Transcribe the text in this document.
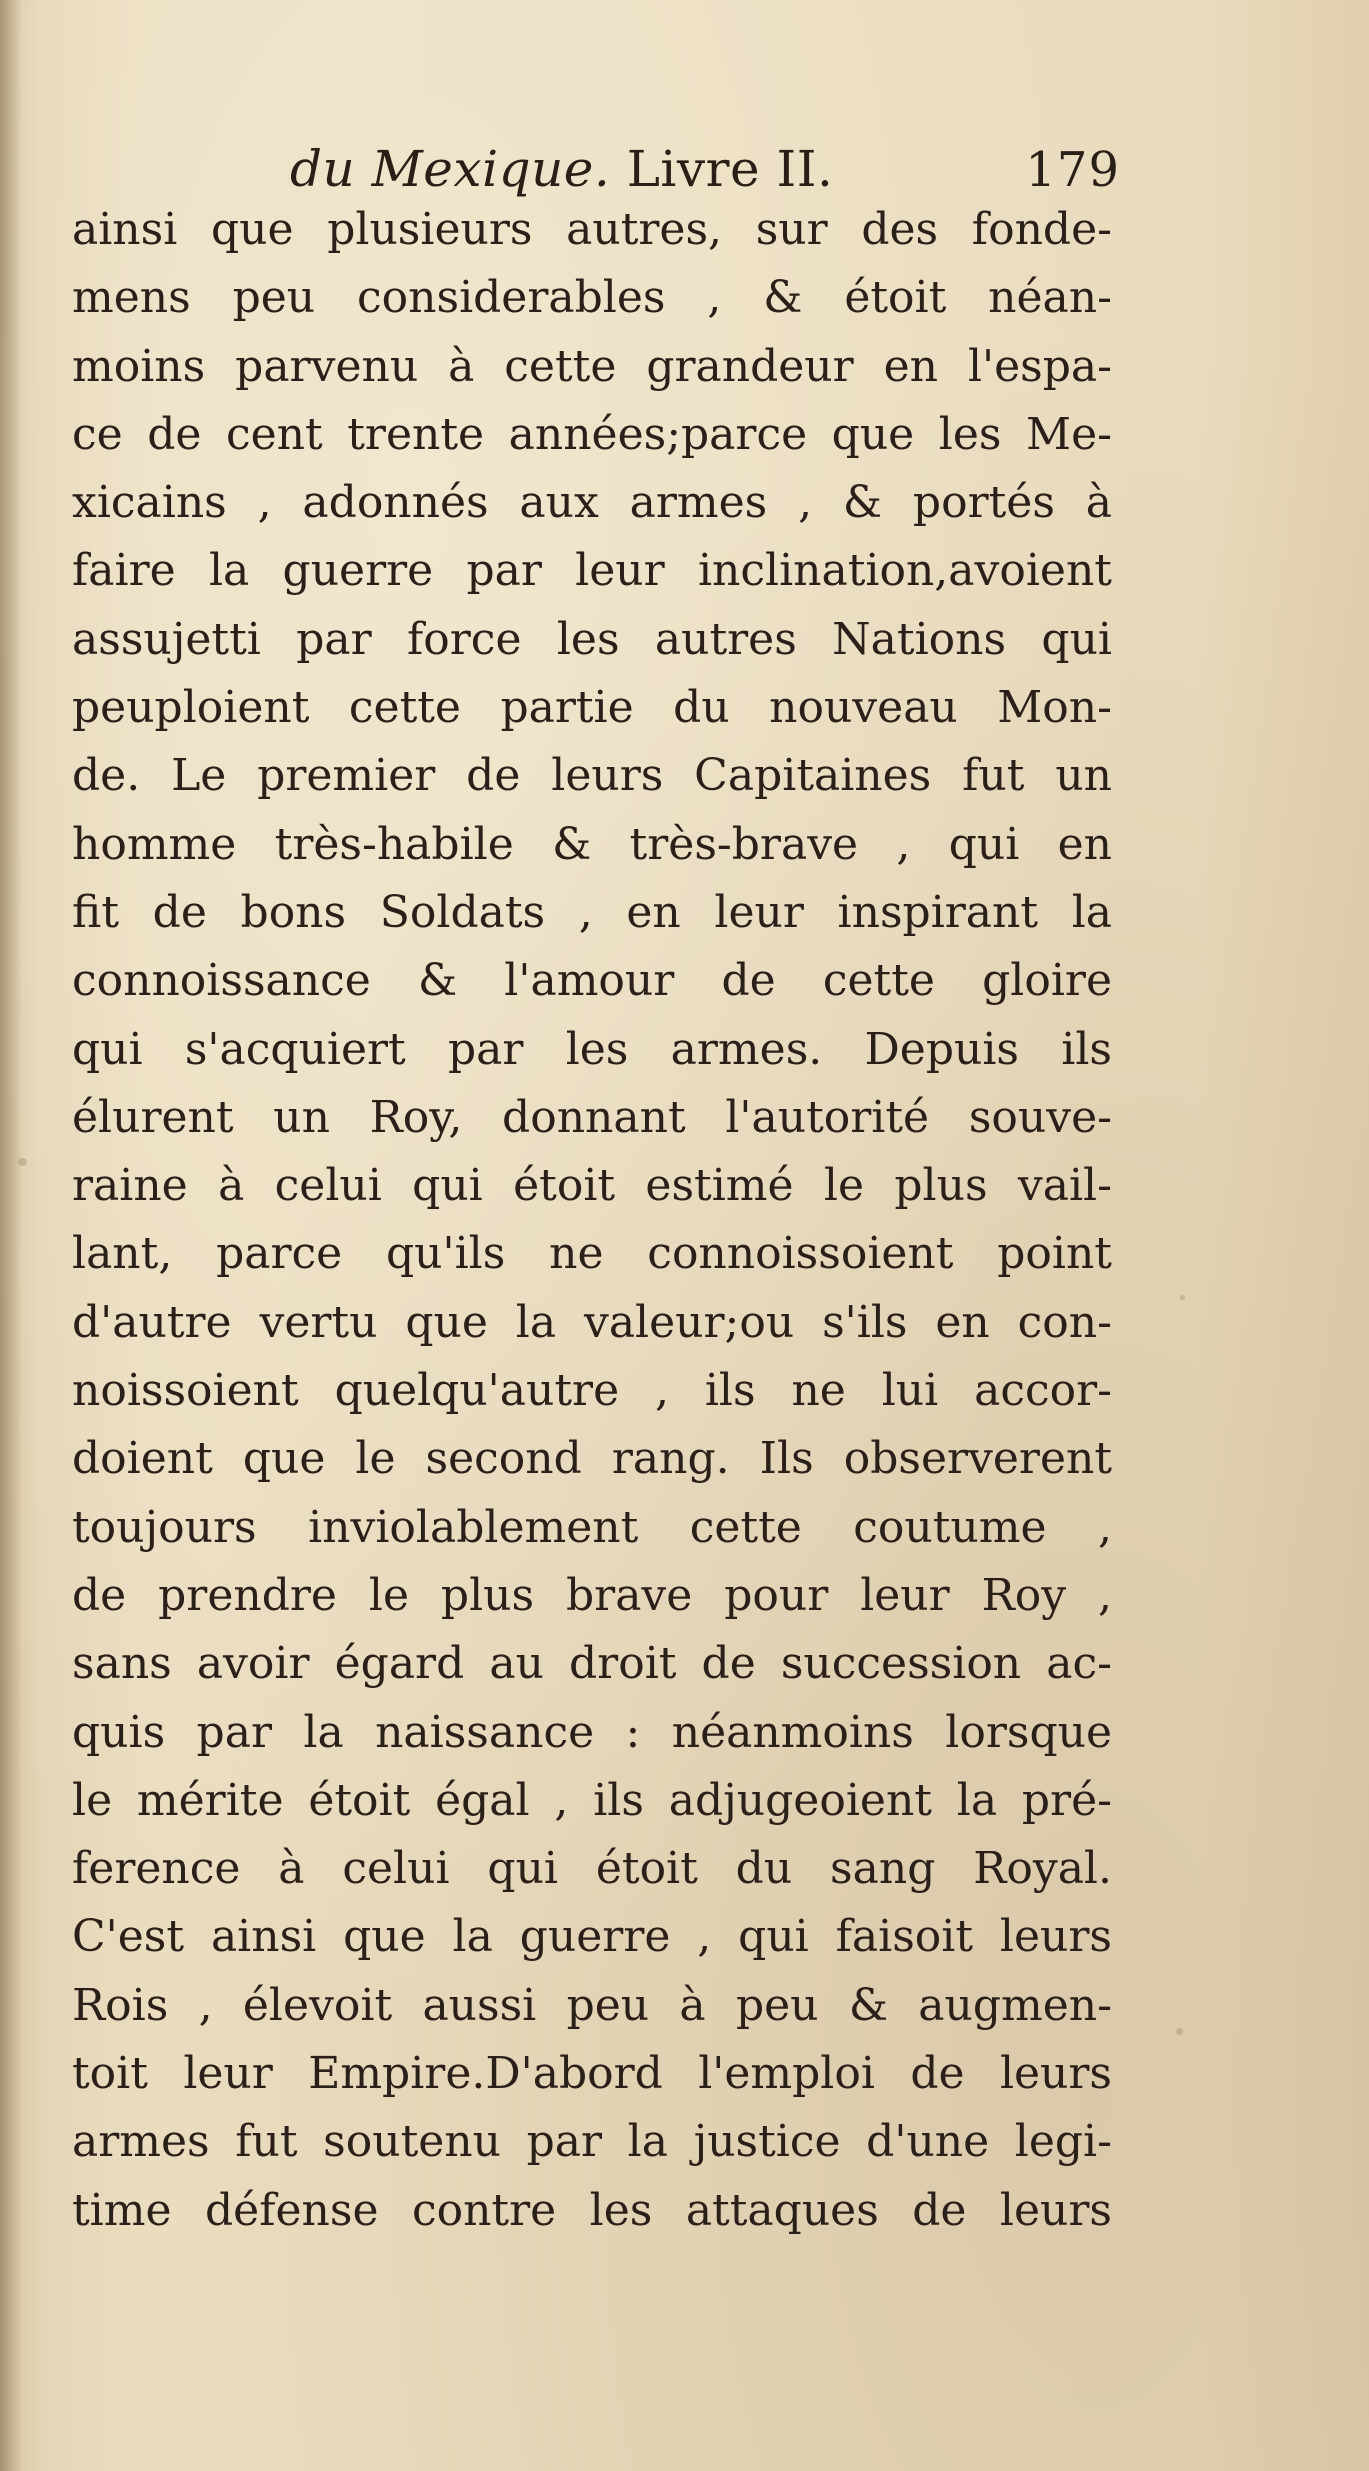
du Mexique. Livre II.	179
ainsi que plusieurs autres, sur des fonde-
mens peu considerables , & étoit néan-
moins parvenu à cette grandeur en l'espa-
ce de cent trente années;parce que les Me-
xicains , adonnés aux armes , & portés à
faire la guerre par leur inclination,avoient
assujetti par force les autres Nations qui
peuploient cette partie du nouveau Mon-
de. Le premier de leurs Capitaines fut un
homme très-habile & très-brave , qui en
fit de bons Soldats , en leur inspirant la
connoissance & l'amour de cette gloire
qui s'acquiert par les armes. Depuis ils
élurent un Roy, donnant l'autorité souve-
raine à celui qui étoit estimé le plus vail-
lant, parce qu'ils ne connoissoient point
d'autre vertu que la valeur;ou s'ils en con-
noissoient quelqu'autre , ils ne lui accor-
doient que le second rang. Ils observerent
toujours inviolablement cette coutume ,
de prendre le plus brave pour leur Roy ,
sans avoir égard au droit de succession ac-
quis par la naissance : néanmoins lorsque
le mérite étoit égal , ils adjugeoient la pré-
ference à celui qui étoit du sang Royal.
C'est ainsi que la guerre , qui faisoit leurs
Rois , élevoit aussi peu à peu & augmen-
toit leur Empire.D'abord l'emploi de leurs
armes fut soutenu par la justice d'une legi-
time défense contre les attaques de leurs
